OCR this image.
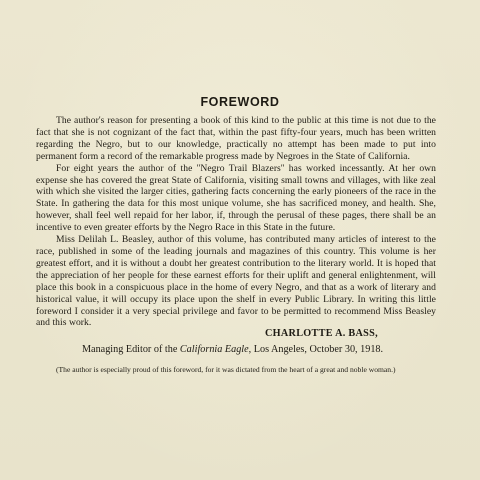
FOREWORD

The author's reason for presenting a book of this kind to the public at this time is not due to the fact that she is not cognizant of the fact that, within the past fifty-four years, much has been written regarding the Negro, but to our knowledge, practically no attempt has been made to put into permanent form a record of the remarkable progress made by Negroes in the State of California.

For eight years the author of the ''Negro Trail Blazers'' has worked incessantly. At her own expense she has covered the great State of California, visiting small towns and villages, with like zeal with which she visited the larger cities, gathering facts concerning the early pioneers of the race in the State. In gathering the data for this most unique volume, she has sacrificed money, and health. She, however, shall feel well repaid for her labor, if, through the perusal of these pages, there shall be an incentive to even greater efforts by the Negro Race in this State in the future.

Miss Delilah L. Beasley, author of this volume, has contributed many articles of interest to the race, published in some of the leading journals and magazines of this country. This volume is her greatest effort, and it is without a doubt her greatest contribution to the literary world. It is hoped that the appreciation of her people for these earnest efforts for their uplift and general enlightenment, will place this book in a conspicuous place in the home of every Negro, and that as a work of literary and historical value, it will occupy its place upon the shelf in every Public Library. In writing this little foreword I consider it a very special privilege and favor to be permitted to recommend Miss Beasley and this work.

CHARLOTTE A. BASS,
Managing Editor of the California Eagle, Los Angeles, October 30, 1918.
(The author is especially proud of this foreword, for it was dictated from the heart of a great and noble woman.)
